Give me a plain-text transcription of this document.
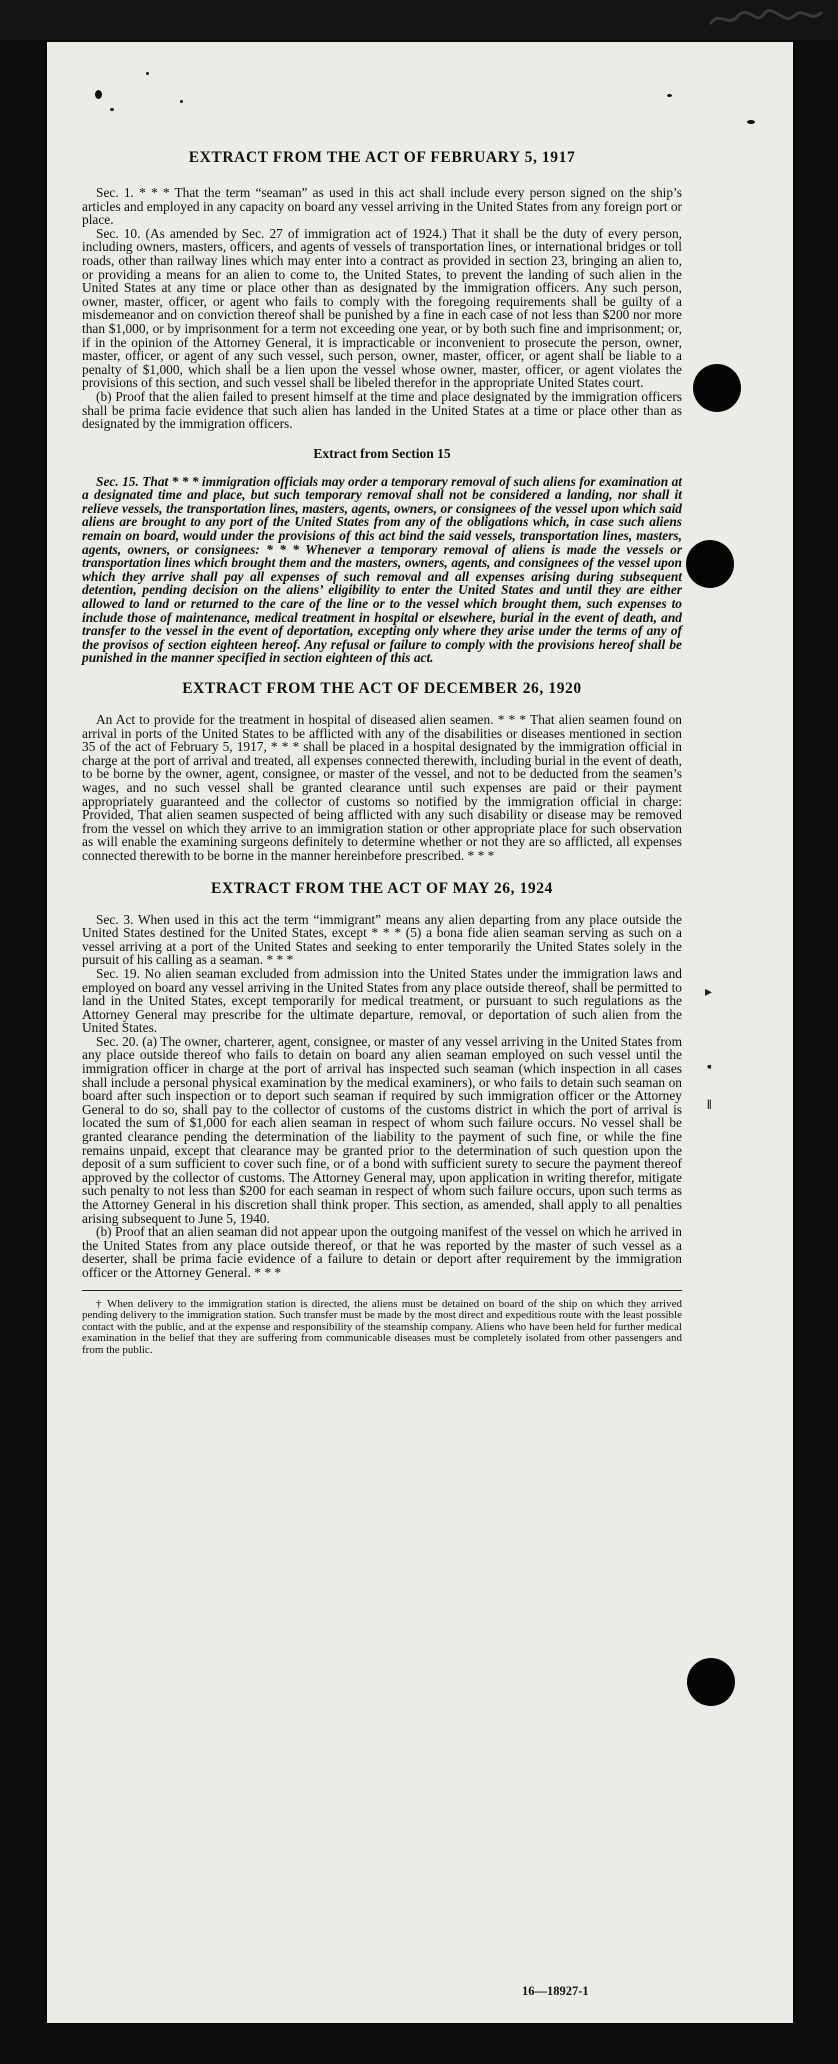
▸
▪
‖
EXTRACT FROM THE ACT OF FEBRUARY 5, 1917

Sec. 1. * * * That the term “seaman” as used in this act shall include every person signed on the ship’s articles and employed in any capacity on board any vessel arriving in the United States from any foreign port or place.

Sec. 10. (As amended by Sec. 27 of immigration act of 1924.) That it shall be the duty of every person, including owners, masters, officers, and agents of vessels of transportation lines, or international bridges or toll roads, other than railway lines which may enter into a contract as provided in section 23, bringing an alien to, or providing a means for an alien to come to, the United States, to prevent the landing of such alien in the United States at any time or place other than as designated by the immigration officers. Any such person, owner, master, officer, or agent who fails to comply with the foregoing requirements shall be guilty of a misdemeanor and on conviction thereof shall be punished by a fine in each case of not less than $200 nor more than $1,000, or by imprisonment for a term not exceeding one year, or by both such fine and imprisonment; or, if in the opinion of the Attorney General, it is impracticable or inconvenient to prosecute the person, owner, master, officer, or agent of any such vessel, such person, owner, master, officer, or agent shall be liable to a penalty of $1,000, which shall be a lien upon the vessel whose owner, master, officer, or agent violates the provisions of this section, and such vessel shall be libeled therefor in the appropriate United States court.

(b) Proof that the alien failed to present himself at the time and place designated by the immigration officers shall be prima facie evidence that such alien has landed in the United States at a time or place other than as designated by the immigration officers.

Extract from Section 15

Sec. 15. That * * * immigration officials may order a temporary removal of such aliens for examination at a designated time and place, but such temporary removal shall not be considered a landing, nor shall it relieve vessels, the transportation lines, masters, agents, owners, or consignees of the vessel upon which said aliens are brought to any port of the United States from any of the obligations which, in case such aliens remain on board, would under the provisions of this act bind the said vessels, transportation lines, masters, agents, owners, or consignees: * * * Whenever a temporary removal of aliens is made the vessels or transportation lines which brought them and the masters, owners, agents, and consignees of the vessel upon which they arrive shall pay all expenses of such removal and all expenses arising during subsequent detention, pending decision on the aliens’ eligibility to enter the United States and until they are either allowed to land or returned to the care of the line or to the vessel which brought them, such expenses to include those of maintenance, medical treatment in hospital or elsewhere, burial in the event of death, and transfer to the vessel in the event of deportation, excepting only where they arise under the terms of any of the provisos of section eighteen hereof. Any refusal or failure to comply with the provisions hereof shall be punished in the manner specified in section eighteen of this act.

EXTRACT FROM THE ACT OF DECEMBER 26, 1920

An Act to provide for the treatment in hospital of diseased alien seamen. * * * That alien seamen found on arrival in ports of the United States to be afflicted with any of the disabilities or diseases mentioned in section 35 of the act of February 5, 1917, * * * shall be placed in a hospital designated by the immigration official in charge at the port of arrival and treated, all expenses connected therewith, including burial in the event of death, to be borne by the owner, agent, consignee, or master of the vessel, and not to be deducted from the seamen’s wages, and no such vessel shall be granted clearance until such expenses are paid or their payment appropriately guaranteed and the collector of customs so notified by the immigration official in charge: Provided, That alien seamen suspected of being afflicted with any such disability or disease may be removed from the vessel on which they arrive to an immigration station or other appropriate place for such observation as will enable the examining surgeons definitely to determine whether or not they are so afflicted, all expenses connected therewith to be borne in the manner hereinbefore prescribed. * * *

EXTRACT FROM THE ACT OF MAY 26, 1924

Sec. 3. When used in this act the term “immigrant” means any alien departing from any place outside the United States destined for the United States, except * * * (5) a bona fide alien seaman serving as such on a vessel arriving at a port of the United States and seeking to enter temporarily the United States solely in the pursuit of his calling as a seaman. * * *

Sec. 19. No alien seaman excluded from admission into the United States under the immigration laws and employed on board any vessel arriving in the United States from any place outside thereof, shall be permitted to land in the United States, except temporarily for medical treatment, or pursuant to such regulations as the Attorney General may prescribe for the ultimate departure, removal, or deportation of such alien from the United States.

Sec. 20. (a) The owner, charterer, agent, consignee, or master of any vessel arriving in the United States from any place outside thereof who fails to detain on board any alien seaman employed on such vessel until the immigration officer in charge at the port of arrival has inspected such seaman (which inspection in all cases shall include a personal physical examination by the medical examiners), or who fails to detain such seaman on board after such inspection or to deport such seaman if required by such immigration officer or the Attorney General to do so, shall pay to the collector of customs of the customs district in which the port of arrival is located the sum of $1,000 for each alien seaman in respect of whom such failure occurs. No vessel shall be granted clearance pending the determination of the liability to the payment of such fine, or while the fine remains unpaid, except that clearance may be granted prior to the determination of such question upon the deposit of a sum sufficient to cover such fine, or of a bond with sufficient surety to secure the payment thereof approved by the collector of customs. The Attorney General may, upon application in writing therefor, mitigate such penalty to not less than $200 for each seaman in respect of whom such failure occurs, upon such terms as the Attorney General in his discretion shall think proper. This section, as amended, shall apply to all penalties arising subsequent to June 5, 1940.

(b) Proof that an alien seaman did not appear upon the outgoing manifest of the vessel on which he arrived in the United States from any place outside thereof, or that he was reported by the master of such vessel as a deserter, shall be prima facie evidence of a failure to detain or deport after requirement by the immigration officer or the Attorney General. * * *

† When delivery to the immigration station is directed, the aliens must be detained on board of the ship on which they arrived pending delivery to the immigration station. Such transfer must be made by the most direct and expeditious route with the least possible contact with the public, and at the expense and responsibility of the steamship company. Aliens who have been held for further medical examination in the belief that they are suffering from communicable diseases must be completely isolated from other passengers and from the public.

16—18927-1
